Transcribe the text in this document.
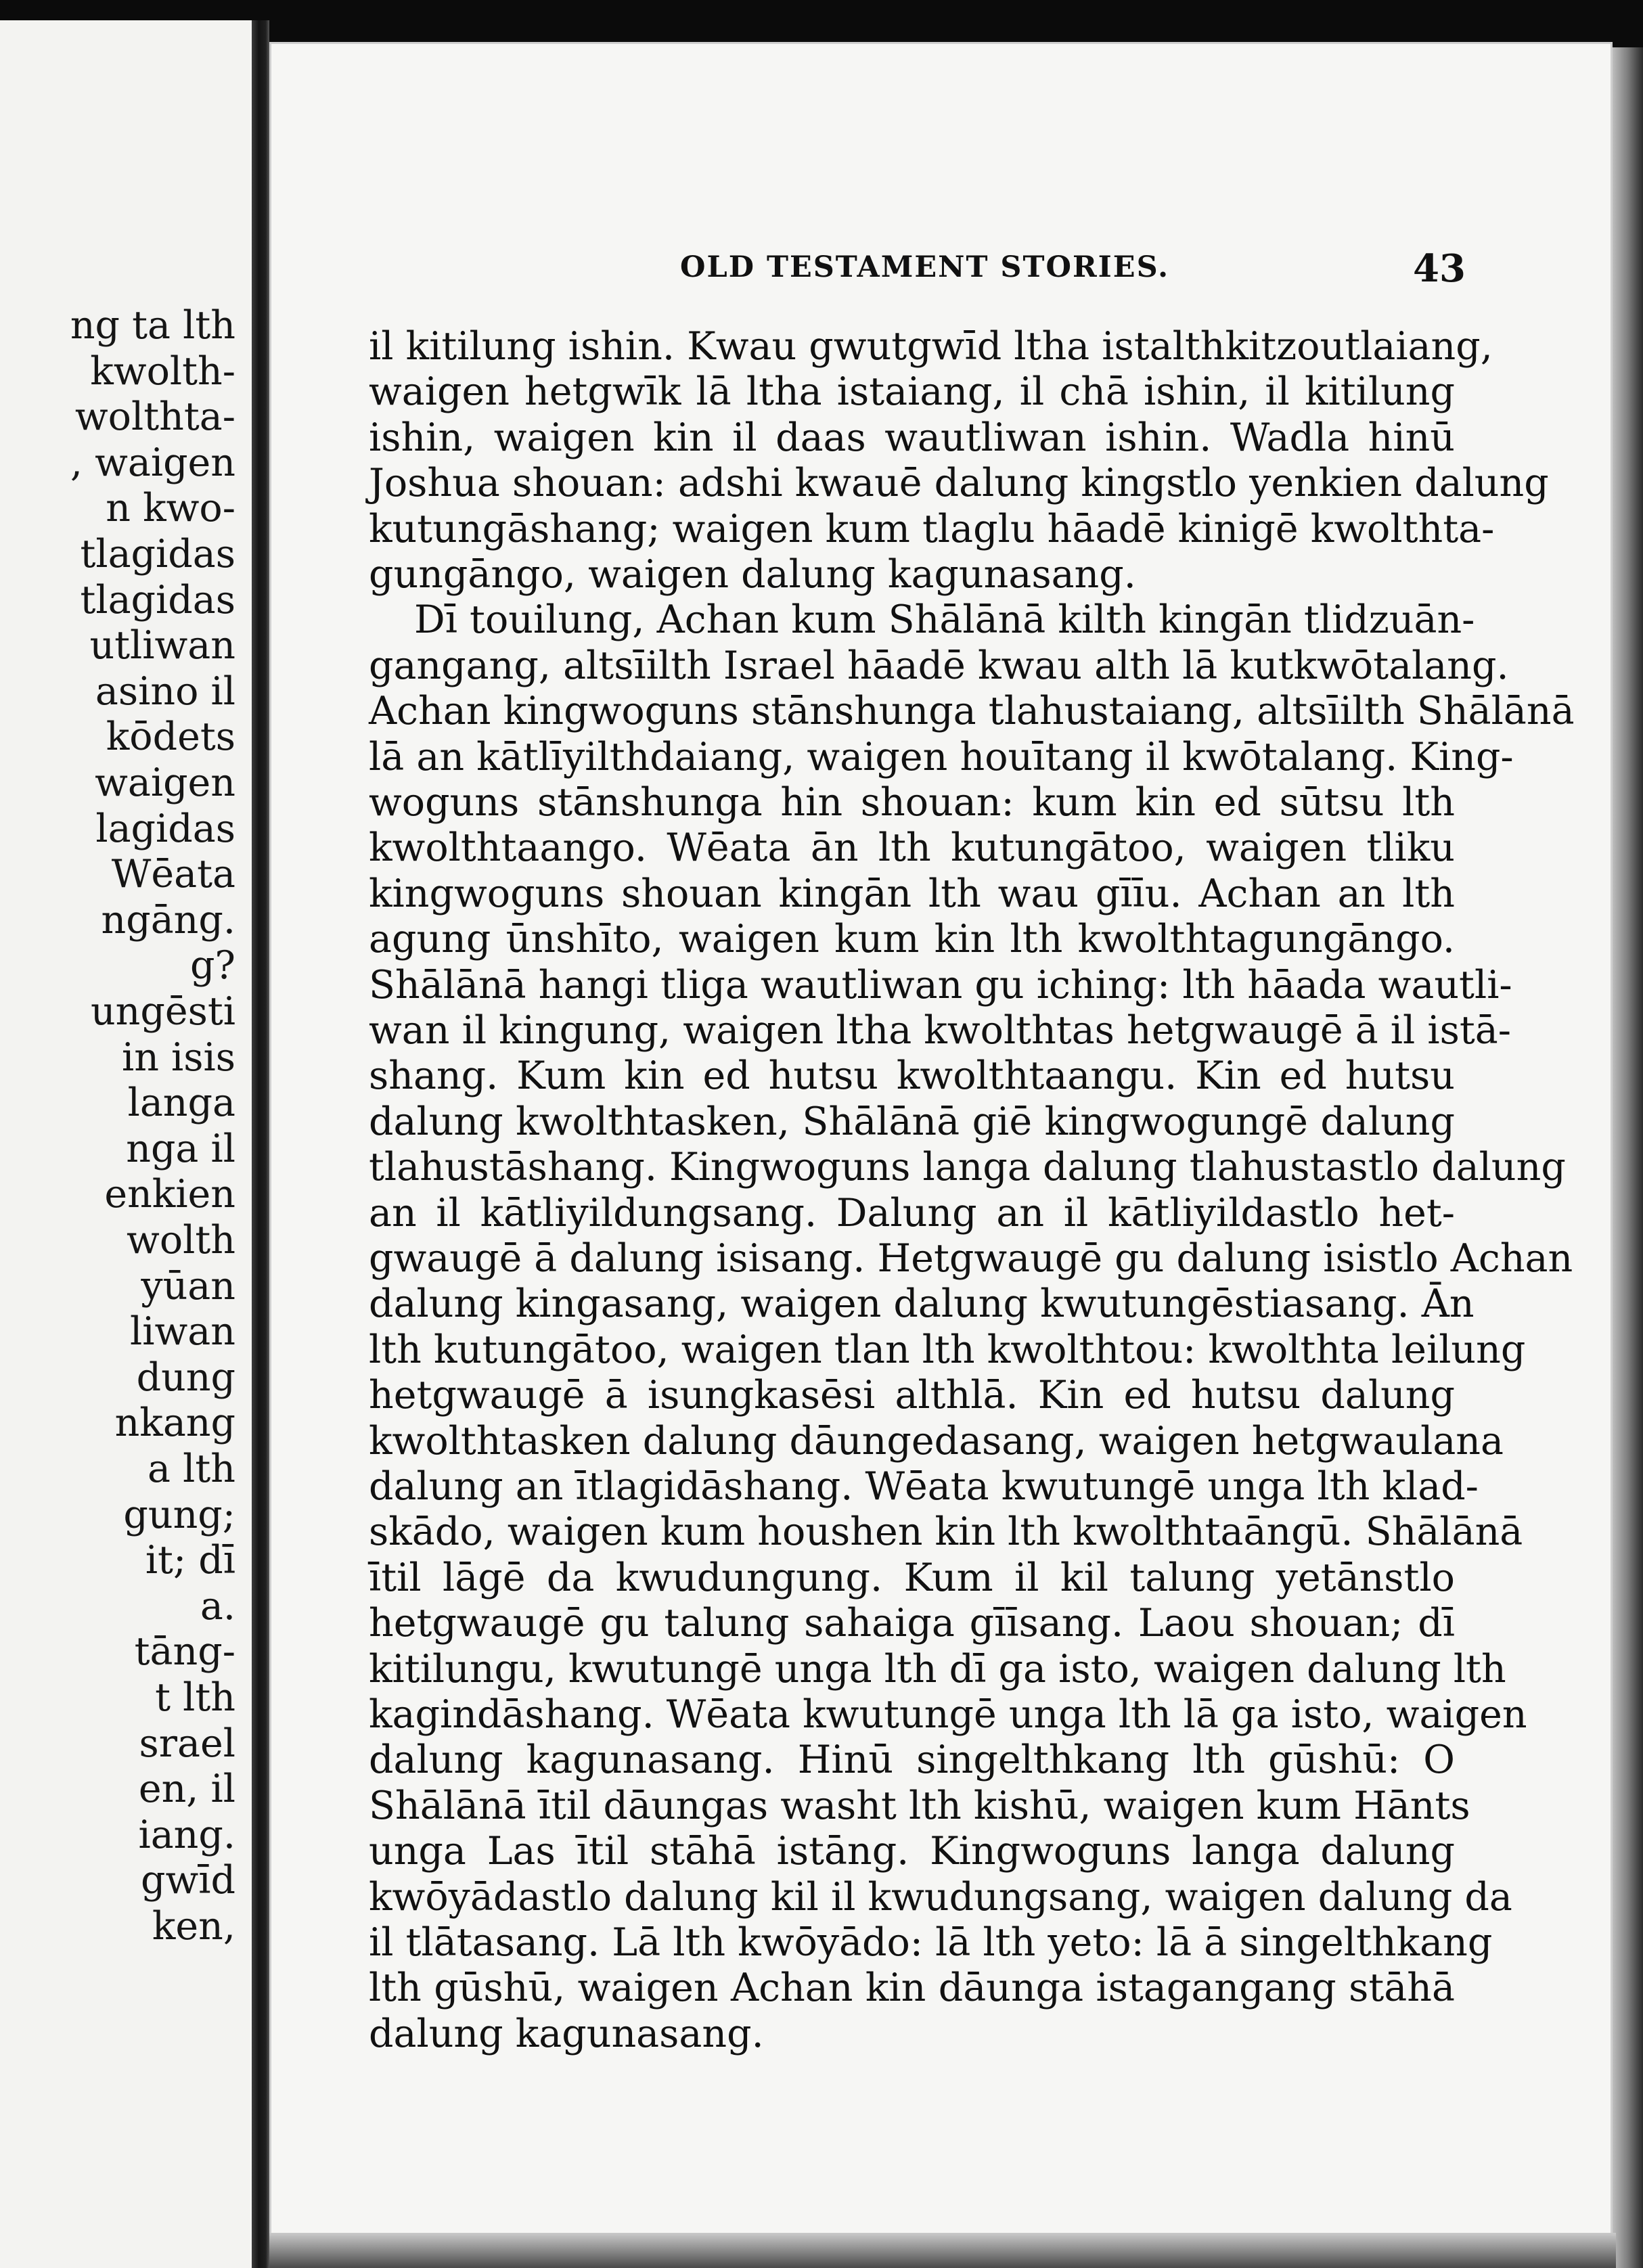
ng ta lth
kwolth-
wolthta-
, waigen
n kwo-
tlagidas
tlagidas
utliwan
asino il
kōdets
waigen
lagidas
Wēata
ngāng.
g?
ungēsti
in isis
langa
nga il
enkien
wolth
yūan
liwan
dung
nkang
a lth
gung;
it; dī
a.
tāng-
t lth
srael
en, il
iang.
gwīd
ken,
OLD TESTAMENT STORIES.	43
il kitilung ishin. Kwau gwutgwīd ltha istalthkitzoutlaiang,
waigen hetgwīk lā ltha istaiang, il chā ishin, il kitilung
ishin, waigen kin il daas wautliwan ishin. Wadla hinū
Joshua shouan: adshi kwauē dalung kingstlo yenkien dalung
kutungāshang; waigen kum tlaglu hāadē kinigē kwolthta-
gungāngo, waigen dalung kagunasang.
Dī touilung, Achan kum Shālānā kilth kingān tlidzuān-
gangang, altsīilth Israel hāadē kwau alth lā kutkwōtalang.
Achan kingwoguns stānshunga tlahustaiang, altsīilth Shālānā
lā an kātlīyilthdaiang, waigen houītang il kwōtalang. King-
woguns stānshunga hin shouan: kum kin ed sūtsu lth
kwolthtaango. Wēata ān lth kutungātoo, waigen tliku
kingwoguns shouan kingān lth wau gīīu. Achan an lth
agung ūnshīto, waigen kum kin lth kwolthtagungāngo.
Shālānā hangi tliga wautliwan gu iching: lth hāada wautli-
wan il kingung, waigen ltha kwolthtas hetgwaugē ā il istā-
shang. Kum kin ed hutsu kwolthtaangu. Kin ed hutsu
dalung kwolthtasken, Shālānā giē kingwogungē dalung
tlahustāshang. Kingwoguns langa dalung tlahustastlo dalung
an il kātliyildungsang. Dalung an il kātliyildastlo het-
gwaugē ā dalung isisang. Hetgwaugē gu dalung isistlo Achan
dalung kingasang, waigen dalung kwutungēstiasang. Ān
lth kutungātoo, waigen tlan lth kwolthtou: kwolthta leilung
hetgwaugē ā isungkasēsi althlā. Kin ed hutsu dalung
kwolthtasken dalung dāungedasang, waigen hetgwaulana
dalung an ītlagidāshang. Wēata kwutungē unga lth klad-
skādo, waigen kum houshen kin lth kwolthtaāngū. Shālānā
ītil lāgē da kwudungung. Kum il kil talung yetānstlo
hetgwaugē gu talung sahaiga gīīsang. Laou shouan; dī
kitilungu, kwutungē unga lth dī ga isto, waigen dalung lth
kagindāshang. Wēata kwutungē unga lth lā ga isto, waigen
dalung kagunasang. Hinū singelthkang lth gūshū: O
Shālānā ītil dāungas washt lth kishū, waigen kum Hānts
unga Las ītil stāhā istāng. Kingwoguns langa dalung
kwōyādastlo dalung kil il kwudungsang, waigen dalung da
il tlātasang. Lā lth kwōyādo: lā lth yeto: lā ā singelthkang
lth gūshū, waigen Achan kin dāunga istagangang stāhā
dalung kagunasang.
